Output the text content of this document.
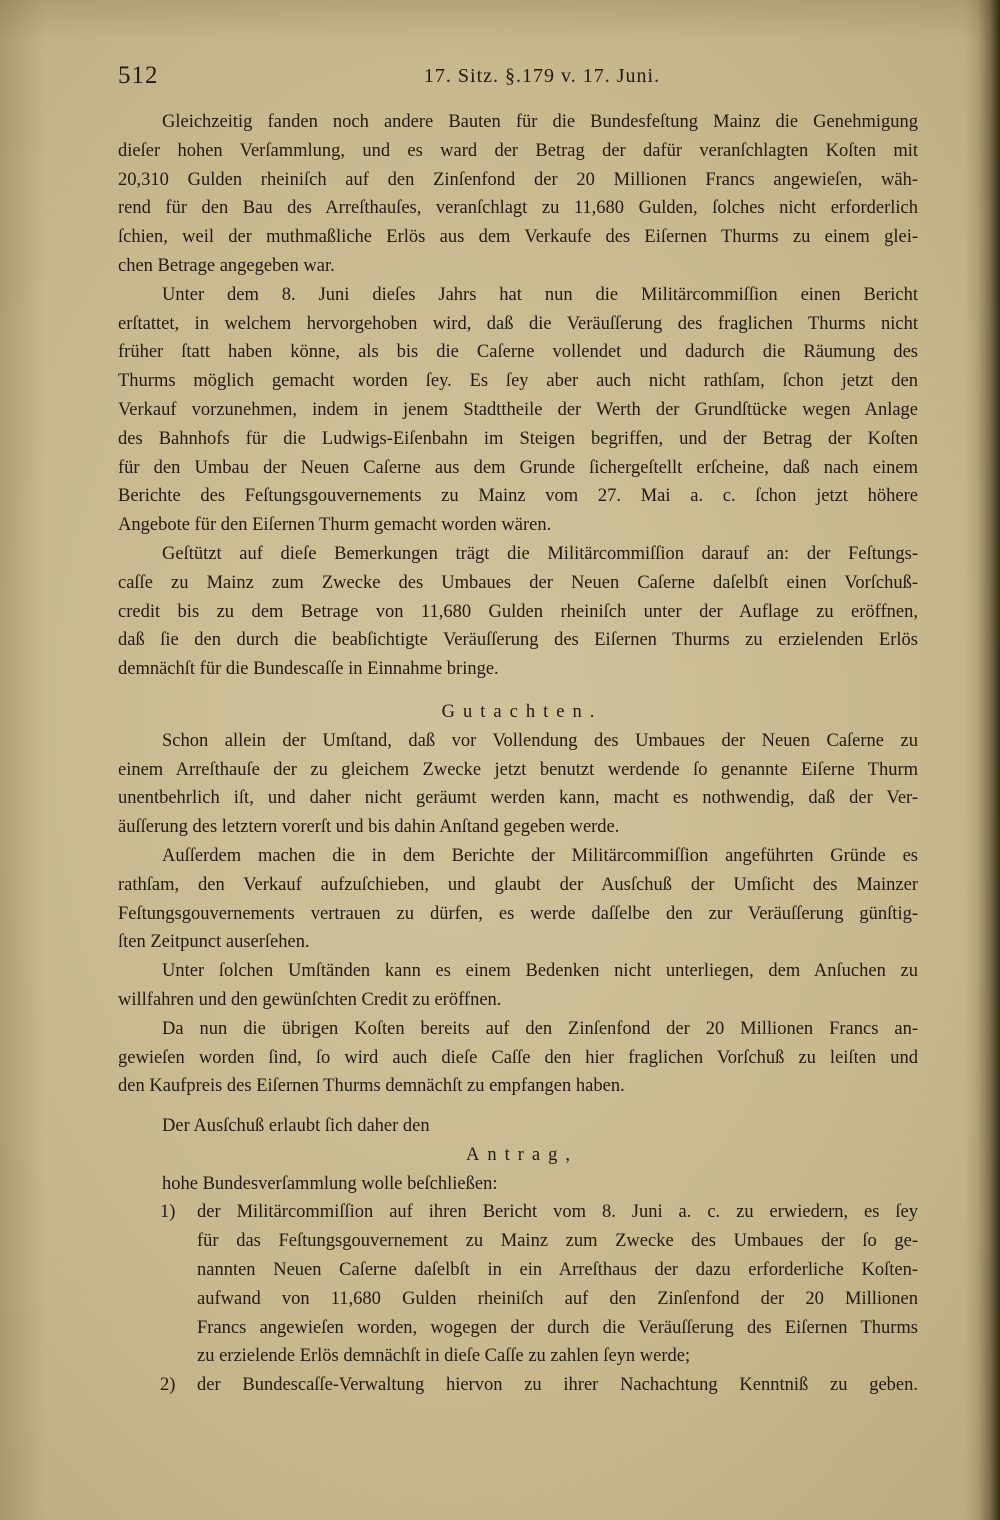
512	17. Sitz. §.179 v. 17. Juni.
Gleichzeitig fanden noch andere Bauten für die Bundesfeſtung Mainz die Genehmigung
dieſer hohen Verſammlung, und es ward der Betrag der dafür veranſchlagten Koſten mit
20,310 Gulden rheiniſch auf den Zinſenfond der 20 Millionen Francs angewieſen, wäh-
rend für den Bau des Arreſthauſes, veranſchlagt zu 11,680 Gulden, ſolches nicht erforderlich
ſchien, weil der muthmaßliche Erlös aus dem Verkaufe des Eiſernen Thurms zu einem glei-
chen Betrage angegeben war.
Unter dem 8. Juni dieſes Jahrs hat nun die Militärcommiſſion einen Bericht
erſtattet, in welchem hervorgehoben wird, daß die Veräuſſerung des fraglichen Thurms nicht
früher ſtatt haben könne, als bis die Caſerne vollendet und dadurch die Räumung des
Thurms möglich gemacht worden ſey. Es ſey aber auch nicht rathſam, ſchon jetzt den
Verkauf vorzunehmen, indem in jenem Stadttheile der Werth der Grundſtücke wegen Anlage
des Bahnhofs für die Ludwigs-Eiſenbahn im Steigen begriffen, und der Betrag der Koſten
für den Umbau der Neuen Caſerne aus dem Grunde ſichergeſtellt erſcheine, daß nach einem
Berichte des Feſtungsgouvernements zu Mainz vom 27. Mai a. c. ſchon jetzt höhere
Angebote für den Eiſernen Thurm gemacht worden wären.
Geſtützt auf dieſe Bemerkungen trägt die Militärcommiſſion darauf an: der Feſtungs-
caſſe zu Mainz zum Zwecke des Umbaues der Neuen Caſerne daſelbſt einen Vorſchuß-
credit bis zu dem Betrage von 11,680 Gulden rheiniſch unter der Auflage zu eröffnen,
daß ſie den durch die beabſichtigte Veräuſſerung des Eiſernen Thurms zu erzielenden Erlös
demnächſt für die Bundescaſſe in Einnahme bringe.
Gutachten.
Schon allein der Umſtand, daß vor Vollendung des Umbaues der Neuen Caſerne zu
einem Arreſthauſe der zu gleichem Zwecke jetzt benutzt werdende ſo genannte Eiſerne Thurm
unentbehrlich iſt, und daher nicht geräumt werden kann, macht es nothwendig, daß der Ver-
äuſſerung des letztern vorerſt und bis dahin Anſtand gegeben werde.
Auſſerdem machen die in dem Berichte der Militärcommiſſion angeführten Gründe es
rathſam, den Verkauf aufzuſchieben, und glaubt der Ausſchuß der Umſicht des Mainzer
Feſtungsgouvernements vertrauen zu dürfen, es werde daſſelbe den zur Veräuſſerung günſtig-
ſten Zeitpunct auserſehen.
Unter ſolchen Umſtänden kann es einem Bedenken nicht unterliegen, dem Anſuchen zu
willfahren und den gewünſchten Credit zu eröffnen.
Da nun die übrigen Koſten bereits auf den Zinſenfond der 20 Millionen Francs an-
gewieſen worden ſind, ſo wird auch dieſe Caſſe den hier fraglichen Vorſchuß zu leiſten und
den Kaufpreis des Eiſernen Thurms demnächſt zu empfangen haben.
Der Ausſchuß erlaubt ſich daher den
Antrag,
hohe Bundesverſammlung wolle beſchließen:
1)	der Militärcommiſſion auf ihren Bericht vom 8. Juni a. c. zu erwiedern, es ſey
für das Feſtungsgouvernement zu Mainz zum Zwecke des Umbaues der ſo ge-
nannten Neuen Caſerne daſelbſt in ein Arreſthaus der dazu erforderliche Koſten-
aufwand von 11,680 Gulden rheiniſch auf den Zinſenfond der 20 Millionen
Francs angewieſen worden, wogegen der durch die Veräuſſerung des Eiſernen Thurms
zu erzielende Erlös demnächſt in dieſe Caſſe zu zahlen ſeyn werde;
2)	der Bundescaſſe-Verwaltung hiervon zu ihrer Nachachtung Kenntniß zu geben.
